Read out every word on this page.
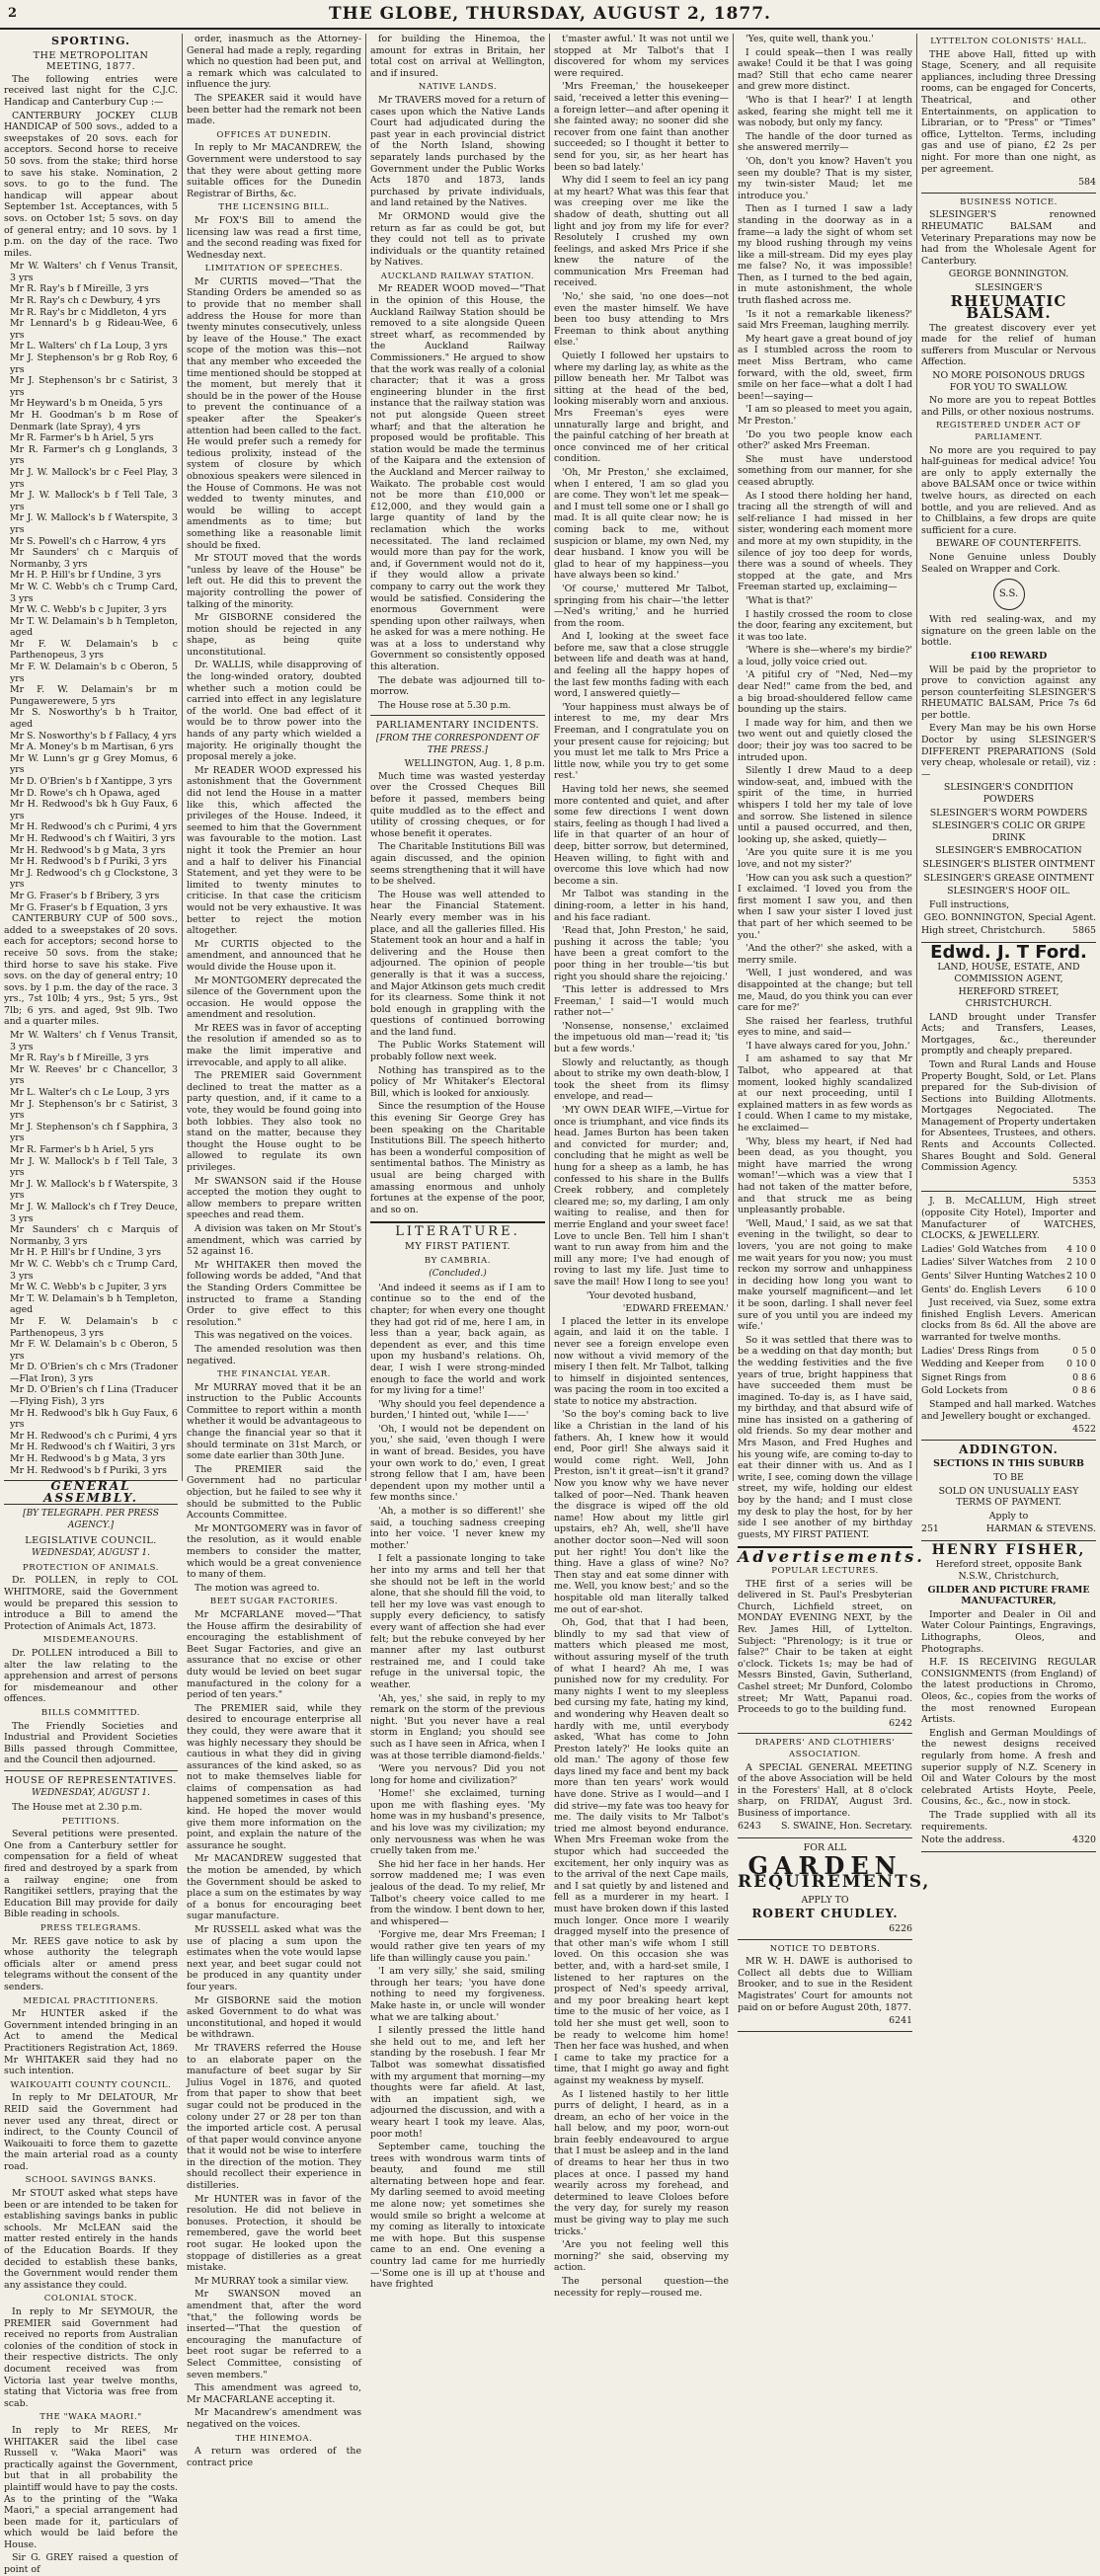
2	THE GLOBE, THURSDAY, AUGUST 2, 1877.
SPORTING.
THE METROPOLITAN MEETING, 1877.

The following entries were received last night for the C.J.C. Handicap and Canterbury Cup :—

CANTERBURY JOCKEY CLUB HANDICAP of 500 sovs., added to a sweepstakes of 20 sovs. each for acceptors. Second horse to receive 50 sovs. from the stake; third horse to save his stake. Nomination, 2 sovs. to go to the fund. The handicap will appear about September 1st. Acceptances, with 5 sovs. on October 1st; 5 sovs. on day of general entry; and 10 sovs. by 1 p.m. on the day of the race. Two miles.

Mr W. Walters' ch f Venus Transit, 3 yrs

Mr R. Ray's b f Mireille, 3 yrs

Mr R. Ray's ch c Dewbury, 4 yrs

Mr R. Ray's br c Middleton, 4 yrs

Mr Lennard's b g Rideau-Wee, 6 yrs

Mr L. Walters' ch f La Loup, 3 yrs

Mr J. Stephenson's br g Rob Roy, 6 yrs

Mr J. Stephenson's br c Satirist, 3 yrs

Mr Heyward's b m Oneida, 5 yrs

Mr H. Goodman's b m Rose of Denmark (late Spray), 4 yrs

Mr R. Farmer's b h Ariel, 5 yrs

Mr R. Farmer's ch g Longlands, 3 yrs

Mr J. W. Mallock's br c Feel Play, 3 yrs

Mr J. W. Mallock's b f Tell Tale, 3 yrs

Mr J. W. Mallock's b f Waterspite, 3 yrs

Mr S. Powell's ch c Harrow, 4 yrs

Mr Saunders' ch c Marquis of Normanby, 3 yrs

Mr H. P. Hill's br f Undine, 3 yrs

Mr W. C. Webb's ch c Trump Card, 3 yrs

Mr W. C. Webb's b c Jupiter, 3 yrs

Mr T. W. Delamain's b h Templeton, aged

Mr F. W. Delamain's b c Parthenopeus, 3 yrs

Mr F. W. Delamain's b c Oberon, 5 yrs

Mr F. W. Delamain's br m Pungawerewere, 5 yrs

Mr S. Nosworthy's b h Traitor, aged

Mr S. Nosworthy's b f Fallacy, 4 yrs

Mr A. Money's b m Martisan, 6 yrs

Mr W. Lunn's gr g Grey Momus, 6 yrs

Mr D. O'Brien's b f Xantippe, 3 yrs

Mr D. Rowe's ch h Opawa, aged

Mr H. Redwood's bk h Guy Faux, 6 yrs

Mr H. Redwood's ch c Purimi, 4 yrs

Mr H. Redwood's ch f Waitiri, 3 yrs

Mr H. Redwood's b g Mata, 3 yrs

Mr H. Redwood's b f Puriki, 3 yrs

Mr J. Redwood's ch g Clockstone, 3 yrs

Mr G. Fraser's b f Bribery, 3 yrs

Mr G. Fraser's b f Equation, 3 yrs

CANTERBURY CUP of 500 sovs., added to a sweepstakes of 20 sovs. each for acceptors; second horse to receive 50 sovs. from the stake; third horse to save his stake. Five sovs. on the day of general entry; 10 sovs. by 1 p.m. the day of the race. 3 yrs., 7st 10lb; 4 yrs., 9st; 5 yrs., 9st 7lb; 6 yrs. and aged, 9st 9lb. Two and a quarter miles.

Mr W. Walters' ch f Venus Transit, 3 yrs

Mr R. Ray's b f Mireille, 3 yrs

Mr W. Reeves' br c Chancellor, 3 yrs

Mr L. Walter's ch c Le Loup, 3 yrs

Mr J. Stephenson's br c Satirist, 3 yrs

Mr J. Stephenson's ch f Sapphira, 3 yrs

Mr R. Farmer's b h Ariel, 5 yrs

Mr J. W. Mallock's b f Tell Tale, 3 yrs

Mr J. W. Mallock's b f Waterspite, 3 yrs

Mr J. W. Mallock's ch f Trey Deuce, 3 yrs

Mr Saunders' ch c Marquis of Normanby, 3 yrs

Mr H. P. Hill's br f Undine, 3 yrs

Mr W. C. Webb's ch c Trump Card, 3 yrs

Mr W. C. Webb's b c Jupiter, 3 yrs

Mr T. W. Delamain's b h Templeton, aged

Mr F. W. Delamain's b c Parthenopeus, 3 yrs

Mr F. W. Delamain's b c Oberon, 5 yrs

Mr D. O'Brien's ch c Mrs (Tradoner—Flat Iron), 3 yrs

Mr D. O'Brien's ch f Lina (Traducer—Flying Fish), 3 yrs

Mr H. Redwood's blk h Guy Faux, 6 yrs

Mr H. Redwood's ch c Purimi, 4 yrs

Mr H. Redwood's ch f Waitiri, 3 yrs

Mr H. Redwood's b g Mata, 3 yrs

Mr H. Redwood's b f Puriki, 3 yrs

GENERAL ASSEMBLY.
[BY TELEGRAPH. PER PRESS AGENCY.]
LEGISLATIVE COUNCIL.
WEDNESDAY, AUGUST 1.
PROTECTION OF ANIMALS.

Dr. POLLEN, in reply to COL WHITMORE, said the Government would be prepared this session to introduce a Bill to amend the Protection of Animals Act, 1873.

MISDEMEANOURS.

Dr. POLLEN introduced a Bill to alter the law relating to the apprehension and arrest of persons for misdemeanour and other offences.

BILLS COMMITTED.

The Friendly Societies and Industrial and Provident Societies Bills passed through Committee, and the Council then adjourned.

HOUSE OF REPRESENTATIVES.
WEDNESDAY, AUGUST 1.

The House met at 2.30 p.m.

PETITIONS.

Several petitions were presented. One from a Canterbury settler for compensation for a field of wheat fired and destroyed by a spark from a railway engine; one from Rangitikei settlers, praying that the Education Bill may provide for daily Bible reading in schools.

PRESS TELEGRAMS.

Mr. REES gave notice to ask by whose authority the telegraph officials alter or amend press telegrams without the consent of the senders.

MEDICAL PRACTITIONERS.

Mr HUNTER asked if the Government intended bringing in an Act to amend the Medical Practitioners Registration Act, 1869. Mr WHITAKER said they had no such intention.

WAIKOUAITI COUNTY COUNCIL.

In reply to Mr DELATOUR, Mr REID said the Government had never used any threat, direct or indirect, to the County Council of Waikouaiti to force them to gazette the main arterial road as a county road.

SCHOOL SAVINGS BANKS.

Mr STOUT asked what steps have been or are intended to be taken for establishing savings banks in public schools. Mr McLEAN said the matter rested entirely in the hands of the Education Boards. If they decided to establish these banks, the Government would render them any assistance they could.

COLONIAL STOCK.

In reply to Mr SEYMOUR, the PREMIER said Government had received no reports from Australian colonies of the condition of stock in their respective districts. The only document received was from Victoria last year twelve months, stating that Victoria was free from scab.

THE "WAKA MAORI."

In reply to Mr REES, Mr WHITAKER said the libel case Russell v. "Waka Maori" was practically against the Government, but that in all probability the plaintiff would have to pay the costs. As to the printing of the "Waka Maori," a special arrangement had been made for it, particulars of which would be laid before the House.

Sir G. GREY raised a question of point of

order, inasmuch as the Attorney-General had made a reply, regarding which no question had been put, and a remark which was calculated to influence the jury.

The SPEAKER said it would have been better had the remark not been made.

OFFICES AT DUNEDIN.

In reply to Mr MACANDREW, the Government were understood to say that they were about getting more suitable offices for the Dunedin Registrar of Births, &c.

THE LICENSING BILL.

Mr FOX'S Bill to amend the licensing law was read a first time, and the second reading was fixed for Wednesday next.

LIMITATION OF SPEECHES.

Mr CURTIS moved—"That the Standing Orders be amended so as to provide that no member shall address the House for more than twenty minutes consecutively, unless by leave of the House." The exact scope of the motion was this—not that any member who exceeded the time mentioned should be stopped at the moment, but merely that it should be in the power of the House to prevent the continuance of a speaker after the Speaker's attention had been called to the fact. He would prefer such a remedy for tedious prolixity, instead of the system of closure by which obnoxious speakers were silenced in the House of Commons. He was not wedded to twenty minutes, and would be willing to accept amendments as to time; but something like a reasonable limit should be fixed.

Mr STOUT moved that the words "unless by leave of the House" be left out. He did this to prevent the majority controlling the power of talking of the minority.

Mr GISBORNE considered the motion should be rejected in any shape, as being quite unconstitutional.

Dr. WALLIS, while disapproving of the long-winded oratory, doubted whether such a motion could be carried into effect in any legislature of the world. One bad effect of it would be to throw power into the hands of any party which wielded a majority. He originally thought the proposal merely a joke.

Mr READER WOOD expressed his astonishment that the Government did not lend the House in a matter like this, which affected the privileges of the House. Indeed, it seemed to him that the Government was favourable to the motion. Last night it took the Premier an hour and a half to deliver his Financial Statement, and yet they were to be limited to twenty minutes to criticise. In that case the criticism would not be very exhaustive. It was better to reject the motion altogether.

Mr CURTIS objected to the amendment, and announced that he would divide the House upon it.

Mr MONTGOMERY deprecated the silence of the Government upon the occasion. He would oppose the amendment and resolution.

Mr REES was in favor of accepting the resolution if amended so as to make the limit imperative and irrevocable, and apply to all alike.

The PREMIER said Government declined to treat the matter as a party question, and, if it came to a vote, they would be found going into both lobbies. They also took no stand on the matter, because they thought the House ought to be allowed to regulate its own privileges.

Mr SWANSON said if the House accepted the motion they ought to allow members to prepare written speeches and read them.

A division was taken on Mr Stout's amendment, which was carried by 52 against 16.

Mr WHITAKER then moved the following words be added, "And that the Standing Orders Committee be instructed to frame a Standing Order to give effect to this resolution."

This was negatived on the voices.

The amended resolution was then negatived.

THE FINANCIAL YEAR.

Mr MURRAY moved that it be an instruction to the Public Accounts Committee to report within a month whether it would be advantageous to change the financial year so that it should terminate on 31st March, or some date earlier than 30th June.

The PREMIER said the Government had no particular objection, but he failed to see why it should be submitted to the Public Accounts Committee.

Mr MONTGOMERY was in favor of the resolution, as it would enable members to consider the matter, which would be a great convenience to many of them.

The motion was agreed to.

BEET SUGAR FACTORIES.

Mr MCFARLANE moved—"That the House affirm the desirability of encouraging the establishment of Beet Sugar Factories, and give an assurance that no excise or other duty would be levied on beet sugar manufactured in the colony for a period of ten years."

The PREMIER said, while they desired to encourage enterprise all they could, they were aware that it was highly necessary they should be cautious in what they did in giving assurances of the kind asked, so as not to make themselves liable for claims of compensation as had happened sometimes in cases of this kind. He hoped the mover would give them more information on the point, and explain the nature of the assurance he sought.

Mr MACANDREW suggested that the motion be amended, by which the Government should be asked to place a sum on the estimates by way of a bonus for encouraging beet sugar manufacture.

Mr RUSSELL asked what was the use of placing a sum upon the estimates when the vote would lapse next year, and beet sugar could not be produced in any quantity under four years.

Mr GISBORNE said the motion asked Government to do what was unconstitutional, and hoped it would be withdrawn.

Mr TRAVERS referred the House to an elaborate paper on the manufacture of beet sugar by Sir Julius Vogel in 1876, and quoted from that paper to show that beet sugar could not be produced in the colony under 27 or 28 per ton than the imported article cost. A perusal of that paper would convince anyone that it would not be wise to interfere in the direction of the motion. They should recollect their experience in distilleries.

Mr HUNTER was in favor of the resolution. He did not believe in bonuses. Protection, it should be remembered, gave the world beet root sugar. He looked upon the stoppage of distilleries as a great mistake.

Mr MURRAY took a similar view.

Mr SWANSON moved an amendment that, after the word "that," the following words be inserted—"That the question of encouraging the manufacture of beet root sugar be referred to a Select Committee, consisting of seven members."

This amendment was agreed to, Mr MACFARLANE accepting it.

Mr Macandrew's amendment was negatived on the voices.

THE HINEMOA.

A return was ordered of the contract price

for building the Hinemoa, the amount for extras in Britain, her total cost on arrival at Wellington, and if insured.

NATIVE LANDS.

Mr TRAVERS moved for a return of cases upon which the Native Lands Court had adjudicated during the past year in each provincial district of the North Island, showing separately lands purchased by the Government under the Public Works Acts 1870 and 1873, lands purchased by private individuals, and land retained by the Natives.

Mr ORMOND would give the return as far as could be got, but they could not tell as to private individuals or the quantity retained by Natives.

AUCKLAND RAILWAY STATION.

Mr READER WOOD moved—"That in the opinion of this House, the Auckland Railway Station should be removed to a site alongside Queen street wharf, as recommended by the Auckland Railway Commissioners." He argued to show that the work was really of a colonial character; that it was a gross engineering blunder in the first instance that the railway station was not put alongside Queen street wharf; and that the alteration he proposed would be profitable. This station would be made the terminus of the Kaipara and the extension of the Auckland and Mercer railway to Waikato. The probable cost would not be more than £10,000 or £12,000, and they would gain a large quantity of land by the reclamation which the works necessitated. The land reclaimed would more than pay for the work, and, if Government would not do it, if they would allow a private company to carry out the work they would be satisfied. Considering the enormous Government were spending upon other railways, when he asked for was a mere nothing. He was at a loss to understand why Government so consistently opposed this alteration.

The debate was adjourned till to-morrow.

The House rose at 5.30 p.m.

PARLIAMENTARY INCIDENTS.
[FROM THE CORRESPONDENT OF THE PRESS.]
WELLINGTON, Aug. 1, 8 p.m.

Much time was wasted yesterday over the Crossed Cheques Bill before it passed, members being quite muddled as to the effect and utility of crossing cheques, or for whose benefit it operates.

The Charitable Institutions Bill was again discussed, and the opinion seems strengthening that it will have to be shelved.

The House was well attended to hear the Financial Statement. Nearly every member was in his place, and all the galleries filled. His Statement took an hour and a half in delivering and the House then adjourned. The opinion of people generally is that it was a success, and Major Atkinson gets much credit for its clearness. Some think it not bold enough in grappling with the questions of continued borrowing and the land fund.

The Public Works Statement will probably follow next week.

Nothing has transpired as to the policy of Mr Whitaker's Electoral Bill, which is looked for anxiously.

Since the resumption of the House this evening Sir George Grey has been speaking on the Charitable Institutions Bill. The speech hitherto has been a wonderful composition of sentimental bathos. The Ministry as usual are being charged with amassing enormous and unholy fortunes at the expense of the poor, and so on.

LITERATURE.
MY FIRST PATIENT.
BY CAMBRIA.
(Concluded.)

'And indeed it seems as if I am to continue so to the end of the chapter; for when every one thought they had got rid of me, here I am, in less than a year, back again, as dependent as ever, and this time upon my husband's relations. Oh, dear, I wish I were strong-minded enough to face the world and work for my living for a time!'

'Why should you feel dependence a burden,' I hinted out, 'while I——'

'Oh, I would not be dependent on you,' she said, 'even though I were in want of bread. Besides, you have your own work to do,' even, I great strong fellow that I am, have been dependent upon my mother until a few months since.'

'Ah, a mother is so different!' she said, a touching sadness creeping into her voice. 'I never knew my mother.'

I felt a passionate longing to take her into my arms and tell her that she should not be left in the world alone, that she should fill the void, to tell her my love was vast enough to supply every deficiency, to satisfy every want of affection she had ever felt; but the rebuke conveyed by her manner after my last outburst restrained me, and I could take refuge in the universal topic, the weather.

'Ah, yes,' she said, in reply to my remark on the storm of the previous night. 'But you never have a real storm in England; you should see such as I have seen in Africa, when I was at those terrible diamond-fields.'

'Were you nervous? Did you not long for home and civilization?'

'Home!' she exclaimed, turning upon me with flashing eyes. 'My home was in my husband's presence, and his love was my civilization; my only nervousness was when he was cruelly taken from me.'

She hid her face in her hands. Her sorrow maddened me; I was even jealous of the dead. To my relief, Mr Talbot's cheery voice called to me from the window. I bent down to her, and whispered—

'Forgive me, dear Mrs Freeman; I would rather give ten years of my life than willingly cause you pain.'

'I am very silly,' she said, smiling through her tears; 'you have done nothing to need my forgiveness. Make haste in, or uncle will wonder what we are talking about.'

I silently pressed the little hand she held out to me, and left her standing by the rosebush. I fear Mr Talbot was somewhat dissatisfied with my argument that morning—my thoughts were far afield. At last, with an impatient sigh, we adjourned the discussion, and with a weary heart I took my leave. Alas, poor moth!

September came, touching the trees with wondrous warm tints of beauty, and found me still alternating between hope and fear. My darling seemed to avoid meeting me alone now; yet sometimes she would smile so bright a welcome at my coming as literally to intoxicate me with hope. But this suspense came to an end. One evening a country lad came for me hurriedly—'Some one is ill up at t'house and have frighted

t'master awful.' It was not until we stopped at Mr Talbot's that I discovered for whom my services were required.

'Mrs Freeman,' the housekeeper said, 'received a letter this evening—a foreign letter—and after opening it she fainted away; no sooner did she recover from one faint than another succeeded; so I thought it better to send for you, sir, as her heart has been so bad lately.'

Why did I seem to feel an icy pang at my heart? What was this fear that was creeping over me like the shadow of death, shutting out all light and joy from my life for ever? Resolutely I crushed my own feelings, and asked Mrs Price if she knew the nature of the communication Mrs Freeman had received.

'No,' she said, 'no one does—not even the master himself. We have been too busy attending to Mrs Freeman to think about anything else.'

Quietly I followed her upstairs to where my darling lay, as white as the pillow beneath her. Mr Talbot was sitting at the head of the bed, looking miserably worn and anxious. Mrs Freeman's eyes were unnaturally large and bright, and the painful catching of her breath at once convinced me of her critical condition.

'Oh, Mr Preston,' she exclaimed, when I entered, 'I am so glad you are come. They won't let me speak—and I must tell some one or I shall go mad. It is all quite clear now; he is coming back to me, without suspicion or blame, my own Ned, my dear husband. I know you will be glad to hear of my happiness—you have always been so kind.'

'Of course,' muttered Mr Talbot, springing from his chair—'the letter—Ned's writing,' and he hurried from the room.

And I, looking at the sweet face before me, saw that a close struggle between life and death was at hand, and feeling all the happy hopes of the last few months fading with each word, I answered quietly—

'Your happiness must always be of interest to me, my dear Mrs Freeman, and I congratulate you on your present cause for rejoicing; but you must let me talk to Mrs Price a little now, while you try to get some rest.'

Having told her news, she seemed more contented and quiet, and after some few directions I went down stairs, feeling as though I had lived a life in that quarter of an hour of deep, bitter sorrow, but determined, Heaven willing, to fight with and overcome this love which had now become a sin.

Mr Talbot was standing in the dining-room, a letter in his hand, and his face radiant.

'Read that, John Preston,' he said, pushing it across the table; 'you have been a great comfort to the poor thing in her trouble—'tis but right you should share the rejoicing.'

'This letter is addressed to Mrs Freeman,' I said—'I would much rather not—'

'Nonsense, nonsense,' exclaimed the impetuous old man—'read it; 'tis but a few words.'

Slowly and reluctantly, as though about to strike my own death-blow, I took the sheet from its flimsy envelope, and read—

'MY OWN DEAR WIFE,—Virtue for once is triumphant, and vice finds its head. James Burton has been taken and convicted for murder; and, concluding that he might as well be hung for a sheep as a lamb, he has confessed to his share in the Bullfs Creek robbery, and completely cleared me; so, my darling, I am only waiting to realise, and then for merrie England and your sweet face! Love to uncle Ben. Tell him I shan't want to run away from him and the mill any more; I've had enough of roving to last my life. Just time to save the mail! How I long to see you!

'Your devoted husband,

'EDWARD FREEMAN.'

I placed the letter in its envelope again, and laid it on the table. I never see a foreign envelope even now without a vivid memory of the misery I then felt. Mr Talbot, talking to himself in disjointed sentences, was pacing the room in too excited a state to notice my abstraction.

'So the boy's coming back to live like a Christian in the land of his fathers. Ah, I knew how it would end, Poor girl! She always said it would come right. Well, John Preston, isn't it great—isn't it grand? Now you know why we have never talked of poor—Ned. Thank heaven the disgrace is wiped off the old name! How about my little girl upstairs, eh? Ah, well, she'll have another doctor soon—Ned will soon put her right! You don't like the thing. Have a glass of wine? No? Then stay and eat some dinner with me. Well, you know best;' and so the hospitable old man literally talked me out of ear-shot.

Oh, God, that that I had been, blindly to my sad that view of matters which pleased me most, without assuring myself of the truth of what I heard? Ah me, I was punished now for my credulity. For many nights I went to my sleepless bed cursing my fate, hating my kind, and wondering why Heaven dealt so hardly with me, until everybody asked, 'What has come to John Preston lately?' He looks quite an old man.' The agony of those few days lined my face and bent my back more than ten years' work would have done. Strive as I would—and I did strive—my fate was too heavy for me. The daily visits to Mr Talbot's tried me almost beyond endurance. When Mrs Freeman woke from the stupor which had succeeded the excitement, her only inquiry was as to the arrival of the next Cape mails, and I sat quietly by and listened and fell as a murderer in my heart. I must have broken down if this lasted much longer. Once more I wearily dragged myself into the presence of that other man's wife whom I still loved. On this occasion she was better, and, with a hard-set smile, I listened to her raptures on the prospect of Ned's speedy arrival, and my poor breaking heart kept time to the music of her voice, as I told her she must get well, soon to be ready to welcome him home! Then her face was hushed, and when I came to take my practice for a time, that I might go away and fight against my weakness by myself.

As I listened hastily to her little purrs of delight, I heard, as in a dream, an echo of her voice in the hall below, and my poor, worn-out brain feebly endeavoured to argue that I must be asleep and in the land of dreams to hear her thus in two places at once. I passed my hand wearily across my forehead, and determined to leave Cloloes before the very day, for surely my reason must be giving way to play me such tricks.'

'Are you not feeling well this morning?' she said, observing my action.

The personal question—the necessity for reply—roused me.

'Yes, quite well, thank you.'

I could speak—then I was really awake! Could it be that I was going mad? Still that echo came nearer and grew more distinct.

'Who is that I hear?' I at length asked, fearing she might tell me it was nobody, but only my fancy.

The handle of the door turned as she answered merrily—

'Oh, don't you know? Haven't you seen my double? That is my sister, my twin-sister Maud; let me introduce you.'

Then as I turned I saw a lady standing in the doorway as in a frame—a lady the sight of whom set my blood rushing through my veins like a mill-stream. Did my eyes play me false? No, it was impossible! Then, as I turned to the bed again, in mute astonishment, the whole truth flashed across me.

'Is it not a remarkable likeness?' said Mrs Freeman, laughing merrily.

My heart gave a great bound of joy as I stumbled across the room to meet Miss Bertram, who came forward, with the old, sweet, firm smile on her face—what a dolt I had been!—saying—

'I am so pleased to meet you again, Mr Preston.'

'Do you two people know each other?' asked Mrs Freeman.

She must have understood something from our manner, for she ceased abruptly.

As I stood there holding her hand, tracing all the strength of will and self-reliance I had missed in her sister, wondering each moment more and more at my own stupidity, in the silence of joy too deep for words, there was a sound of wheels. They stopped at the gate, and Mrs Freeman started up, exclaiming—

'What is that?'

I hastily crossed the room to close the door, fearing any excitement, but it was too late.

'Where is she—where's my birdie?' a loud, jolly voice cried out.

'A pitiful cry of "Ned, Ned—my dear Ned!" came from the bed, and a big broad-shouldered fellow came bounding up the stairs.

I made way for him, and then we two went out and quietly closed the door; their joy was too sacred to be intruded upon.

Silently I drew Maud to a deep window-seat, and, imbued with the spirit of the time, in hurried whispers I told her my tale of love and sorrow. She listened in silence until a paused occurred, and then, looking up, she asked, quietly—

'Are you quite sure it is me you love, and not my sister?'

'How can you ask such a question?' I exclaimed. 'I loved you from the first moment I saw you, and then when I saw your sister I loved just that part of her which seemed to be you.'

'And the other?' she asked, with a merry smile.

'Well, I just wondered, and was disappointed at the change; but tell me, Maud, do you think you can ever care for me?'

She raised her fearless, truthful eyes to mine, and said—

'I have always cared for you, John.'

I am ashamed to say that Mr Talbot, who appeared at that moment, looked highly scandalized at our next proceeding, until I explained matters in as few words as I could. When I came to my mistake, he exclaimed—

'Why, bless my heart, if Ned had been dead, as you thought, you might have married the wrong woman!'—which was a view that I had not taken of the matter before, and that struck me as being unpleasantly probable.

'Well, Maud,' I said, as we sat that evening in the twilight, so dear to lovers, 'you are not going to make me wait years for you now; you must reckon my sorrow and unhappiness in deciding how long you want to make yourself magnificent—and let it be soon, darling. I shall never feel sure of you until you are indeed my wife.'

So it was settled that there was to be a wedding on that day month; but the wedding festivities and the five years of true, bright happiness that have succeeded them must be imagined. To-day is, as I have said, my birthday, and that absurd wife of mine has insisted on a gathering of old friends. So my dear mother and Mrs Mason, and Fred Hughes and his young wife, are coming to-day to eat their dinner with us. And as I write, I see, coming down the village street, my wife, holding our eldest boy by the hand; and I must close my desk to play the host, for by her side I see another of my birthday guests, MY FIRST PATIENT.

Advertisements.
POPULAR LECTURES.

THE first of a series will be delivered in St. Paul's Presbyterian Church, Lichfield street, on MONDAY EVENING NEXT, by the Rev. James Hill, of Lyttelton. Subject: "Phrenology; is it true or false?" Chair to be taken at eight o'clock. Tickets 1s; may be had of Messrs Binsted, Gavin, Sutherland, Cashel street; Mr Dunford, Colombo street; Mr Watt, Papanui road. Proceeds to go to the building fund.

6242

DRAPERS' AND CLOTHIERS' ASSOCIATION.

A SPECIAL GENERAL MEETING of the above Association will be held in the Foresters' Hall, at 8 o'clock sharp, on FRIDAY, August 3rd. Business of importance.

6243 S. SWAINE, Hon. Secretary.

FOR ALL
GARDEN
REQUIREMENTS,
APPLY TO
ROBERT CHUDLEY.

6226

NOTICE TO DEBTORS.

MR W. H. DAWE is authorised to Collect all debts due to William Brooker, and to sue in the Resident Magistrates' Court for amounts not paid on or before August 20th, 1877.

6241

LYTTELTON COLONISTS' HALL.

THE above Hall, fitted up with Stage, Scenery, and all requisite appliances, including three Dressing rooms, can be engaged for Concerts, Theatrical, and other Entertainments, on application to Librarian, or to "Press" or "Times" office, Lyttelton. Terms, including gas and use of piano, £2 2s per night. For more than one night, as per agreement.

584

BUSINESS NOTICE.

SLESINGER'S renowned RHEUMATIC BALSAM and Veterinary Preparations may now be had from the Wholesale Agent for Canterbury.

GEORGE BONNINGTON.
SLESINGER'S
RHEUMATIC BALSAM.

The greatest discovery ever yet made for the relief of human sufferers from Muscular or Nervous Affection.

NO MORE POISONOUS DRUGS FOR YOU TO SWALLOW.

No more are you to repeat Bottles and Pills, or other noxious nostrums.

REGISTERED UNDER ACT OF PARLIAMENT.

No more are you required to pay half-guineas for medical advice! You are only to apply externally the above BALSAM once or twice within twelve hours, as directed on each bottle, and you are relieved. And as to Chilblains, a few drops are quite sufficient for a cure.

BEWARE OF COUNTERFEITS.

None Genuine unless Doubly Sealed on Wrapper and Cork.

S.S.

With red sealing-wax, and my signature on the green lable on the bottle.

£100 REWARD

Will be paid by the proprietor to prove to conviction against any person counterfeiting SLESINGER'S RHEUMATIC BALSAM, Price 7s 6d per bottle.

Every Man may be his own Horse Doctor by using SLESINGER'S DIFFERENT PREPARATIONS (Sold very cheap, wholesale or retail), viz :—

SLESINGER'S CONDITION POWDERS

SLESINGER'S WORM POWDERS

SLESINGER'S COLIC OR GRIPE DRINK

SLESINGER'S EMBROCATION

SLESINGER'S BLISTER OINTMENT

SLESINGER'S GREASE OINTMENT

SLESINGER'S HOOF OIL.

Full instructions,

GEO. BONNINGTON, Special Agent.

High street, Christchurch.	5865

Edwd. J. T Ford.
LAND, HOUSE, ESTATE, AND COMMISSION AGENT,
HEREFORD STREET, CHRISTCHURCH.

LAND brought under Transfer Acts; and Transfers, Leases, Mortgages, &c., thereunder promptly and cheaply prepared.

Town and Rural Lands and House Property Bought, Sold, or Let. Plans prepared for the Sub-division of Sections into Building Allotments. Mortgages Negociated. The Management of Property undertaken for Absentees, Trustees, and others. Rents and Accounts Collected. Shares Bought and Sold. General Commission Agency.

5353

J. B. McCALLUM, High street (opposite City Hotel), Importer and Manufacturer of WATCHES, CLOCKS, & JEWELLERY.

Ladies' Gold Watches from 4 10 0

Ladies' Silver Watches from 2 10 0

Gents' Silver Hunting Watches 2 10 0

Gents' do. English Levers	6 10 0

Just received, via Suez, some extra finished English Levers. American clocks from 8s 6d. All the above are warranted for twelve months.

Ladies' Dress Rings from	0 5 0

Wedding and Keeper from 0 10 0

Signet Rings from	0 8 6

Gold Lockets from	0 8 6

Stamped and hall marked. Watches and Jewellery bought or exchanged.

4522

ADDINGTON.
SECTIONS IN THIS SUBURB
TO BE
SOLD ON UNUSUALLY EASY TERMS OF PAYMENT.
Apply to

251	HARMAN & STEVENS.

HENRY FISHER,
Hereford street, opposite Bank N.S.W., Christchurch,
GILDER AND PICTURE FRAME MANUFACTURER,

Importer and Dealer in Oil and Water Colour Paintings, Engravings, Lithographs, Oleos, and Photographs.

H.F. IS RECEIVING REGULAR CONSIGNMENTS (from England) of the latest productions in Chromo, Oleos, &c., copies from the works of the most renowned European Artists.

English and German Mouldings of the newest designs received regularly from home. A fresh and superior supply of N.Z. Scenery in Oil and Water Colours by the most celebrated Artists Hoyte, Peele, Cousins, &c., &c., now in stock.

The Trade supplied with all its requirements.

Note the address.	4320
